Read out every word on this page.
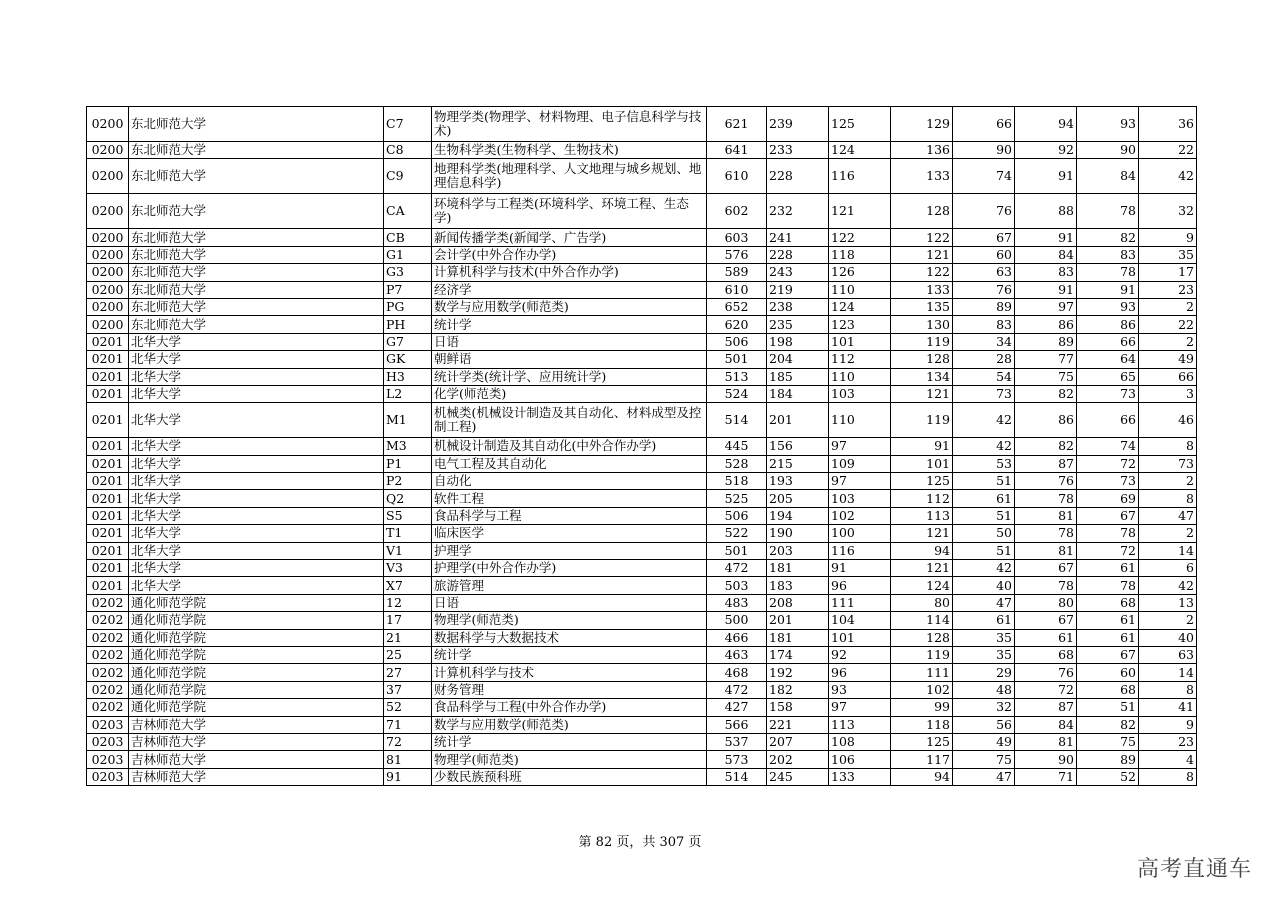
0200	东北师范大学	C7	物理学类(物理学、材料物理、电子信息科学与技术)	621	239	125	129	66	94	93	36
0200	东北师范大学	C8	生物科学类(生物科学、生物技术)	641	233	124	136	90	92	90	22
0200	东北师范大学	C9	地理科学类(地理科学、人文地理与城乡规划、地理信息科学)	610	228	116	133	74	91	84	42
0200	东北师范大学	CA	环境科学与工程类(环境科学、环境工程、生态学)	602	232	121	128	76	88	78	32
0200	东北师范大学	CB	新闻传播学类(新闻学、广告学)	603	241	122	122	67	91	82	9
0200	东北师范大学	G1	会计学(中外合作办学)	576	228	118	121	60	84	83	35
0200	东北师范大学	G3	计算机科学与技术(中外合作办学)	589	243	126	122	63	83	78	17
0200	东北师范大学	P7	经济学	610	219	110	133	76	91	91	23
0200	东北师范大学	PG	数学与应用数学(师范类)	652	238	124	135	89	97	93	2
0200	东北师范大学	PH	统计学	620	235	123	130	83	86	86	22
0201	北华大学	G7	日语	506	198	101	119	34	89	66	2
0201	北华大学	GK	朝鲜语	501	204	112	128	28	77	64	49
0201	北华大学	H3	统计学类(统计学、应用统计学)	513	185	110	134	54	75	65	66
0201	北华大学	L2	化学(师范类)	524	184	103	121	73	82	73	3
0201	北华大学	M1	机械类(机械设计制造及其自动化、材料成型及控制工程)	514	201	110	119	42	86	66	46
0201	北华大学	M3	机械设计制造及其自动化(中外合作办学)	445	156	97	91	42	82	74	8
0201	北华大学	P1	电气工程及其自动化	528	215	109	101	53	87	72	73
0201	北华大学	P2	自动化	518	193	97	125	51	76	73	2
0201	北华大学	Q2	软件工程	525	205	103	112	61	78	69	8
0201	北华大学	S5	食品科学与工程	506	194	102	113	51	81	67	47
0201	北华大学	T1	临床医学	522	190	100	121	50	78	78	2
0201	北华大学	V1	护理学	501	203	116	94	51	81	72	14
0201	北华大学	V3	护理学(中外合作办学)	472	181	91	121	42	67	61	6
0201	北华大学	X7	旅游管理	503	183	96	124	40	78	78	42
0202	通化师范学院	12	日语	483	208	111	80	47	80	68	13
0202	通化师范学院	17	物理学(师范类)	500	201	104	114	61	67	61	2
0202	通化师范学院	21	数据科学与大数据技术	466	181	101	128	35	61	61	40
0202	通化师范学院	25	统计学	463	174	92	119	35	68	67	63
0202	通化师范学院	27	计算机科学与技术	468	192	96	111	29	76	60	14
0202	通化师范学院	37	财务管理	472	182	93	102	48	72	68	8
0202	通化师范学院	52	食品科学与工程(中外合作办学)	427	158	97	99	32	87	51	41
0203	吉林师范大学	71	数学与应用数学(师范类)	566	221	113	118	56	84	82	9
0203	吉林师范大学	72	统计学	537	207	108	125	49	81	75	23
0203	吉林师范大学	81	物理学(师范类)	573	202	106	117	75	90	89	4
0203	吉林师范大学	91	少数民族预科班	514	245	133	94	47	71	52	8
第 82 页，共 307 页
高考直通车
